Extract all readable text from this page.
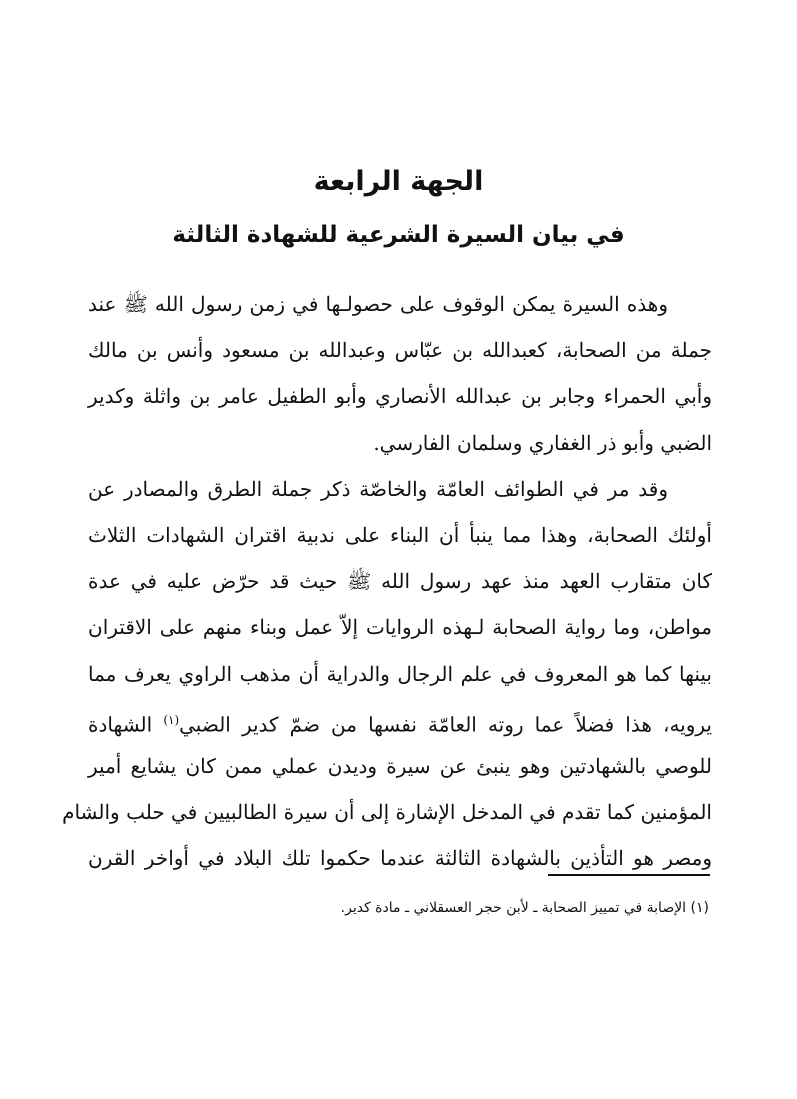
الجهة الرابعة
في بيان السيرة الشرعية للشهادة الثالثة
وهذه السيرة يمكن الوقوف على حصولـها في زمن رسول الله ﷺ عند
جملة من الصحابة، كعبدالله بن عبّاس وعبدالله بن مسعود وأنس بن مالك
وأبي الحمراء وجابر بن عبدالله الأنصاري وأبو الطفيل عامر بن واثلة وكدير
الضبي وأبو ذر الغفاري وسلمان الفارسي.
وقد مر في الطوائف العامّة والخاصّة ذكر جملة الطرق والمصادر عن
أولئك الصحابة، وهذا مما ينبأ أن البناء على ندبية اقتران الشهادات الثلاث
كان متقارب العهد منذ عهد رسول الله ﷺ حيث قد حرّض عليه في عدة
مواطن، وما رواية الصحابة لـهذه الروايات إلاّ عمل وبناء منهم على الاقتران
بينها كما هو المعروف في علم الرجال والدراية أن مذهب الراوي يعرف مما
يرويه، هذا فضلاً عما روته العامّة نفسها من ضمّ كدير الضبي$^{(١)}$ الشهادة
للوصي بالشهادتين وهو ينبئ عن سيرة وديدن عملي ممن كان يشايع أمير
المؤمنين كما تقدم في المدخل الإشارة إلى أن سيرة الطالبيين في حلب والشام
ومصر هو التأذين بالشهادة الثالثة عندما حكموا تلك البلاد في أواخر القرن
(١) الإصابة في تمييز الصحابة ـ لأبن حجر العسقلاني ـ مادة كدير.
